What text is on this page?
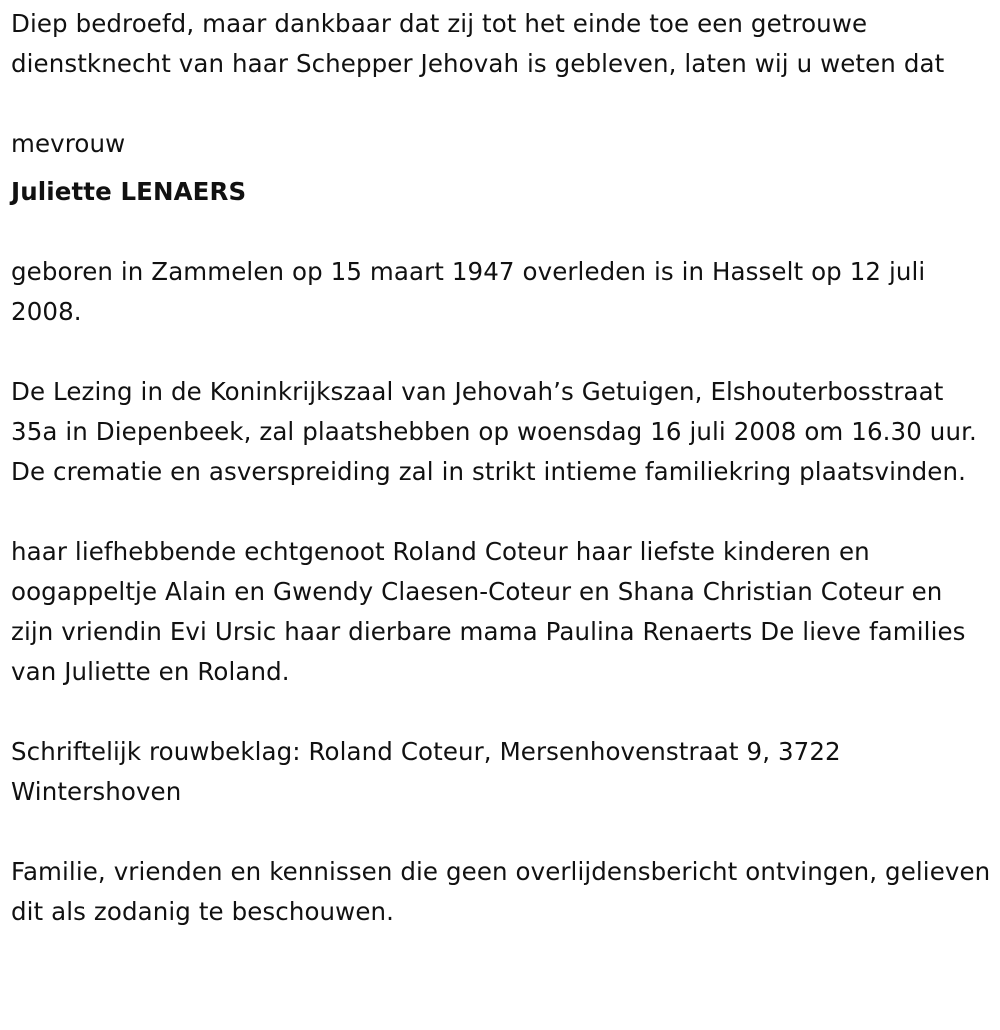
Diep bedroefd, maar dankbaar dat zij tot het einde toe een getrouwe dienstknecht van haar Schepper Jehovah is gebleven, laten wij u weten dat

mevrouw

Juliette LENAERS

geboren in Zammelen op 15 maart 1947 overleden is in Hasselt op 12 juli 2008.

De Lezing in de Koninkrijkszaal van Jehovah’s Getuigen, Elshouterbosstraat 35a in Diepenbeek, zal plaatshebben op woensdag 16 juli 2008 om 16.30 uur. De crematie en asverspreiding zal in strikt intieme familiekring plaatsvinden.

haar liefhebbende echtgenoot Roland Coteur haar liefste kinderen en oogappeltje Alain en Gwendy Claesen-Coteur en Shana Christian Coteur en zijn vriendin Evi Ursic haar dierbare mama Paulina Renaerts De lieve families van Juliette en Roland.

Schriftelijk rouwbeklag: Roland Coteur, Mersenhovenstraat 9, 3722 Wintershoven

Familie, vrienden en kennissen die geen overlijdensbericht ontvingen, gelieven dit als zodanig te beschouwen.
